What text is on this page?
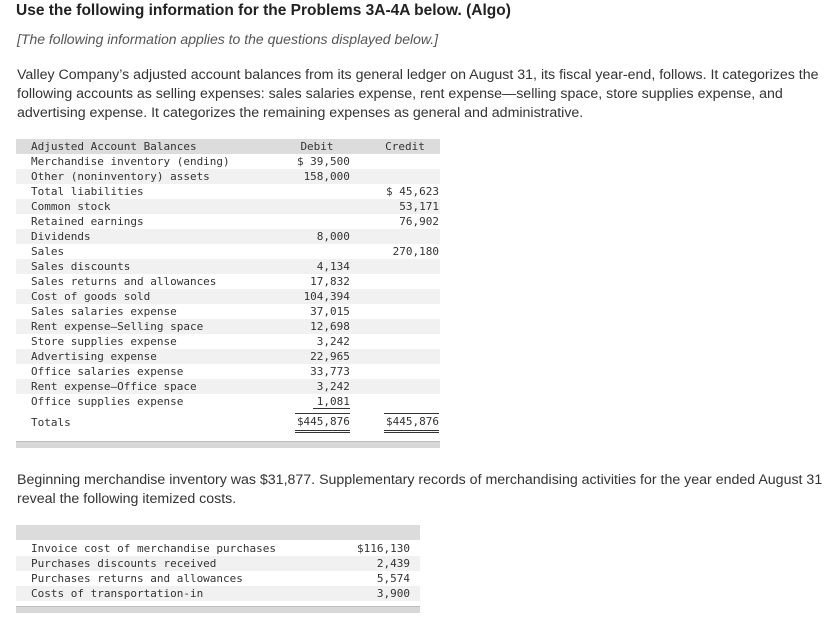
Use the following information for the Problems 3A-4A below. (Algo)
[The following information applies to the questions displayed below.]
Valley Company’s adjusted account balances from its general ledger on August 31, its fiscal year-end, follows. It categorizes the following accounts as selling expenses: sales salaries expense, rent expense—selling space, store supplies expense, and advertising expense. It categorizes the remaining expenses as general and administrative.
Adjusted Account Balances	Debit	Credit
Merchandise inventory (ending)	$ 39,500	
Other (noninventory) assets	158,000	
Total liabilities		$ 45,623
Common stock		53,171
Retained earnings		76,902
Dividends	8,000	
Sales		270,180
Sales discounts	4,134	
Sales returns and allowances	17,832	
Cost of goods sold	104,394	
Sales salaries expense	37,015	
Rent expense—Selling space	12,698	
Store supplies expense	3,242	
Advertising expense	22,965	
Office salaries expense	33,773	
Rent expense—Office space	3,242	
Office supplies expense	1,081	
Totals	$445,876	$445,876
Beginning merchandise inventory was $31,877. Supplementary records of merchandising activities for the year ended August 31 reveal the following itemized costs.
Invoice cost of merchandise purchases	$116,130
Purchases discounts received	2,439
Purchases returns and allowances	5,574
Costs of transportation-in	3,900
